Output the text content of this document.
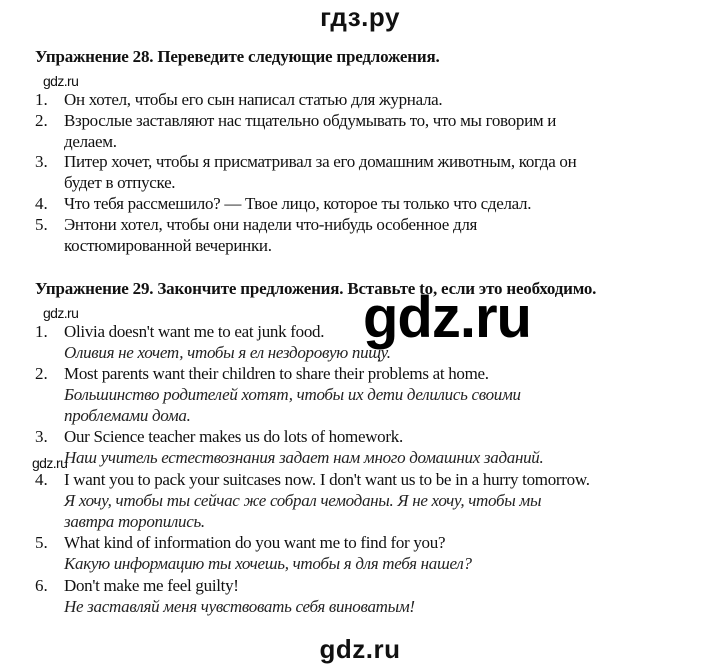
гдз.ру
Упражнение 28. Переведите следующие предложения.
gdz.ru
1. Он хотел, чтобы его сын написал статью для журнала.
2. Взрослые заставляют нас тщательно обдумывать то, что мы говорим и
делаем.
3. Питер хочет, чтобы я присматривал за его домашним животным, когда он
будет в отпуске.
4. Что тебя рассмешило? — Твое лицо, которое ты только что сделал.
5. Энтони хотел, чтобы они надели что-нибудь особенное для
костюмированной вечеринки.
Упражнение 29. Закончите предложения. Вставьте to, если это необходимо.
gdz.ru	gdz.ru
1. Olivia doesn't want me to eat junk food.
Оливия не хочет, чтобы я ел нездоровую пищу.
2. Most parents want their children to share their problems at home.
Большинство родителей хотят, чтобы их дети делились своими
проблемами дома.
3. Our Science teacher makes us do lots of homework.
Наш учитель естествознания задает нам много домашних заданий.
gdz.ru
4. I want you to pack your suitcases now. I don't want us to be in a hurry tomorrow.
Я хочу, чтобы ты сейчас же собрал чемоданы. Я не хочу, чтобы мы
завтра торопились.
5. What kind of information do you want me to find for you?
Какую информацию ты хочешь, чтобы я для тебя нашел?
6. Don't make me feel guilty!
Не заставляй меня чувствовать себя виноватым!
gdz.ru
